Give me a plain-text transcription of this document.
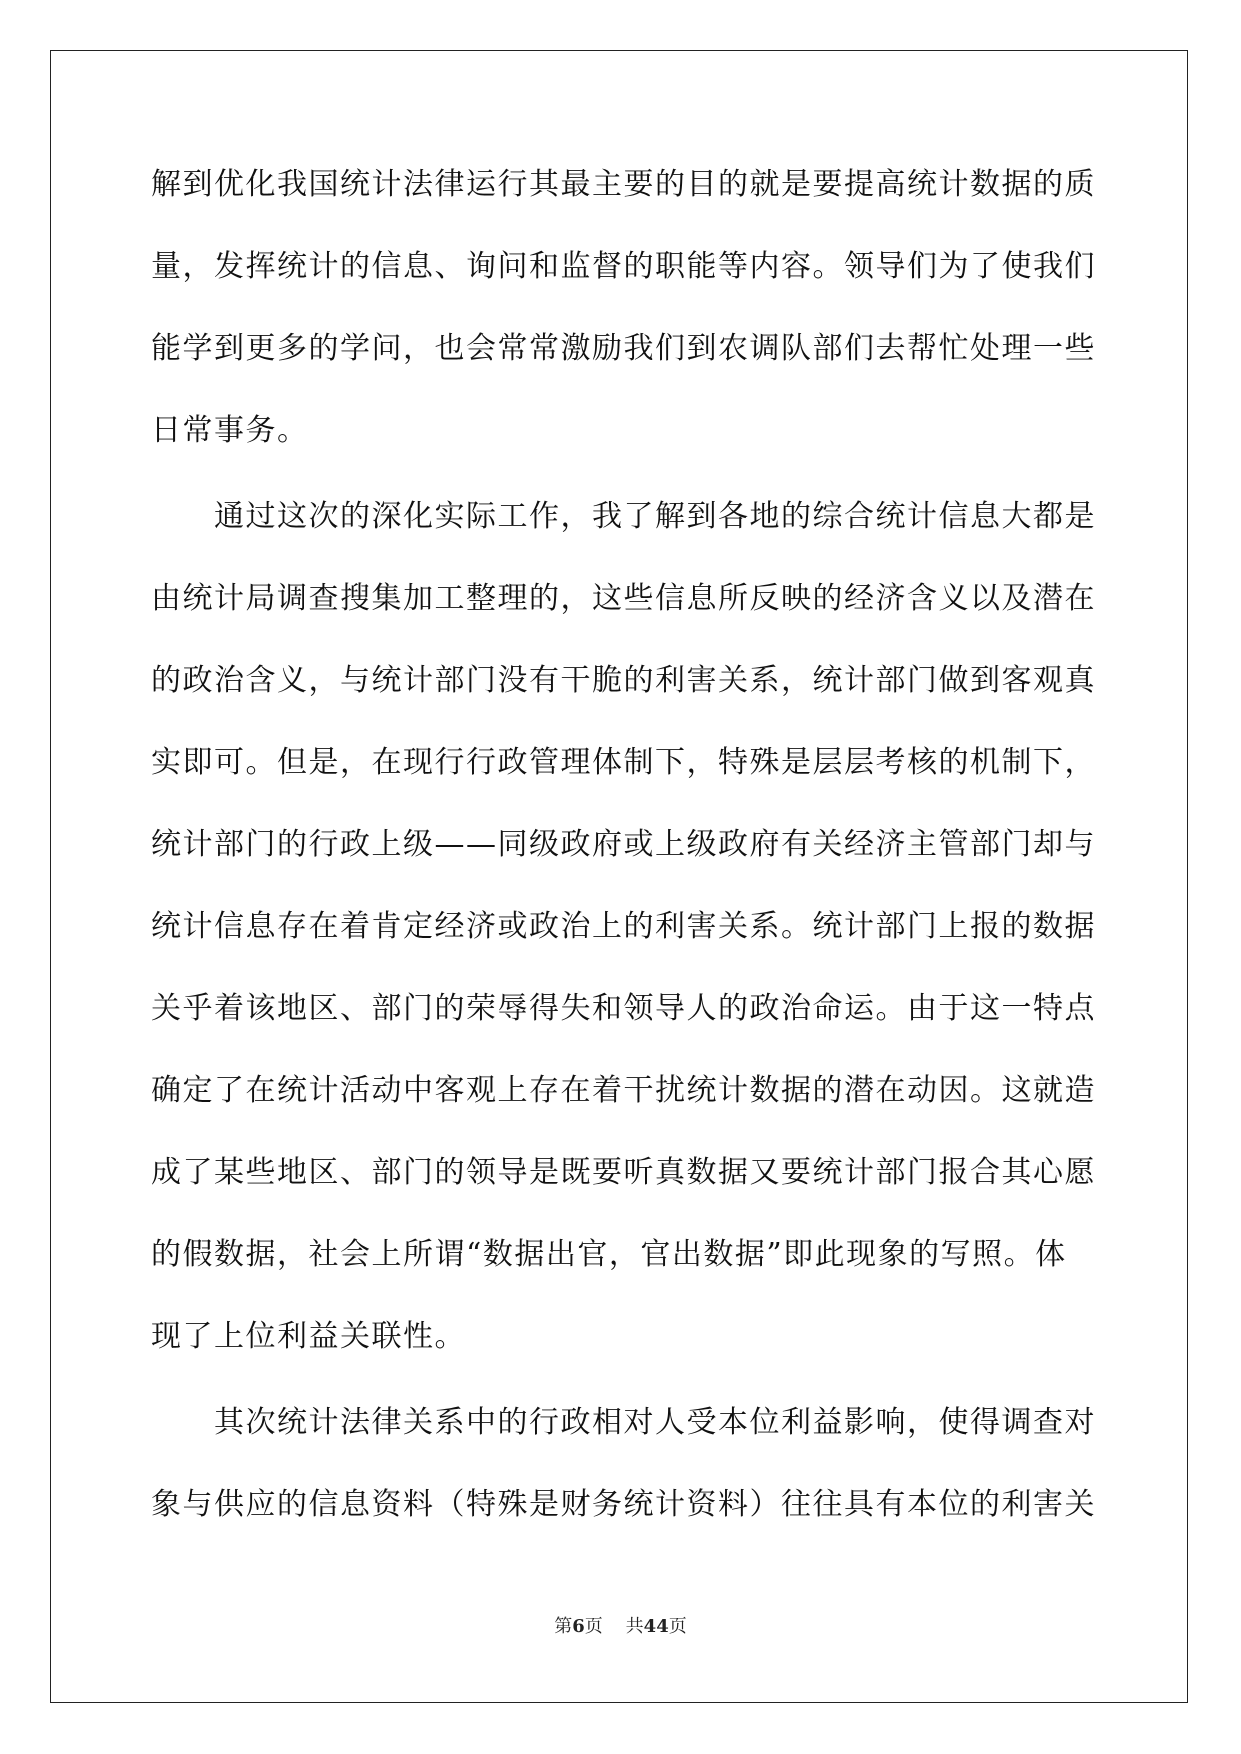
解到优化我国统计法律运行其最主要的目的就是要提高统计数据的质
量，发挥统计的信息、询问和监督的职能等内容。领导们为了使我们
能学到更多的学问，也会常常激励我们到农调队部们去帮忙处理一些
日常事务。
通过这次的深化实际工作，我了解到各地的综合统计信息大都是
由统计局调查搜集加工整理的，这些信息所反映的经济含义以及潜在
的政治含义，与统计部门没有干脆的利害关系，统计部门做到客观真
实即可。但是，在现行行政管理体制下，特殊是层层考核的机制下，
统计部门的行政上级——同级政府或上级政府有关经济主管部门却与
统计信息存在着肯定经济或政治上的利害关系。统计部门上报的数据
关乎着该地区、部门的荣辱得失和领导人的政治命运。由于这一特点
确定了在统计活动中客观上存在着干扰统计数据的潜在动因。这就造
成了某些地区、部门的领导是既要听真数据又要统计部门报合其心愿
的假数据，社会上所谓“数据出官，官出数据”即此现象的写照。体
现了上位利益关联性。
其次统计法律关系中的行政相对人受本位利益影响，使得调查对
象与供应的信息资料（特殊是财务统计资料）往往具有本位的利害关
第6页 共44页
